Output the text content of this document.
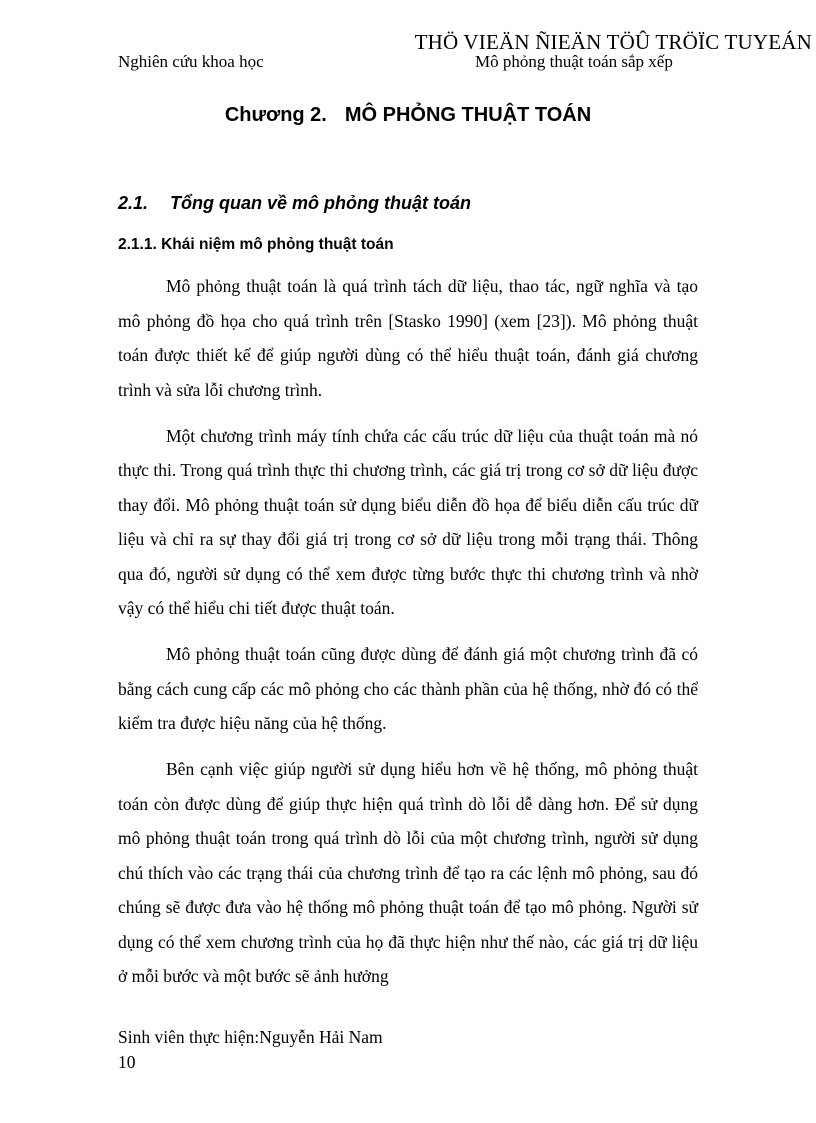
THÖ VIEÄN ÑIEÄN TÖÛ TRÖÏC TUYEÁN
Nghiên cứu khoa học	Mô phỏng thuật toán sắp xếp
Chương 2. MÔ PHỎNG THUẬT TOÁN
2.1. Tổng quan về mô phỏng thuật toán
2.1.1. Khái niệm mô phỏng thuật toán

Mô phỏng thuật toán là quá trình tách dữ liệu, thao tác, ngữ nghĩa và tạo mô phỏng đồ họa cho quá trình trên [Stasko 1990] (xem [23]). Mô phỏng thuật toán được thiết kế để giúp người dùng có thể hiểu thuật toán, đánh giá chương trình và sửa lỗi chương trình.

Một chương trình máy tính chứa các cấu trúc dữ liệu của thuật toán mà nó thực thi. Trong quá trình thực thi chương trình, các giá trị trong cơ sở dữ liệu được thay đổi. Mô phỏng thuật toán sử dụng biểu diễn đồ họa để biểu diễn cấu trúc dữ liệu và chỉ ra sự thay đổi giá trị trong cơ sở dữ liệu trong mỗi trạng thái. Thông qua đó, người sử dụng có thể xem được từng bước thực thi chương trình và nhờ vậy có thể hiểu chi tiết được thuật toán.

Mô phỏng thuật toán cũng được dùng để đánh giá một chương trình đã có bằng cách cung cấp các mô phỏng cho các thành phần của hệ thống, nhờ đó có thể kiểm tra được hiệu năng của hệ thống.

Bên cạnh việc giúp người sử dụng hiểu hơn về hệ thống, mô phỏng thuật toán còn được dùng để giúp thực hiện quá trình dò lỗi dễ dàng hơn. Để sử dụng mô phỏng thuật toán trong quá trình dò lỗi của một chương trình, người sử dụng chú thích vào các trạng thái của chương trình để tạo ra các lệnh mô phỏng, sau đó chúng sẽ được đưa vào hệ thống mô phỏng thuật toán để tạo mô phỏng. Người sử dụng có thể xem chương trình của họ đã thực hiện như thế nào, các giá trị dữ liệu ở mỗi bước và một bước sẽ ảnh hưởng

Sinh viên thực hiện:Nguyễn Hải Nam
10
